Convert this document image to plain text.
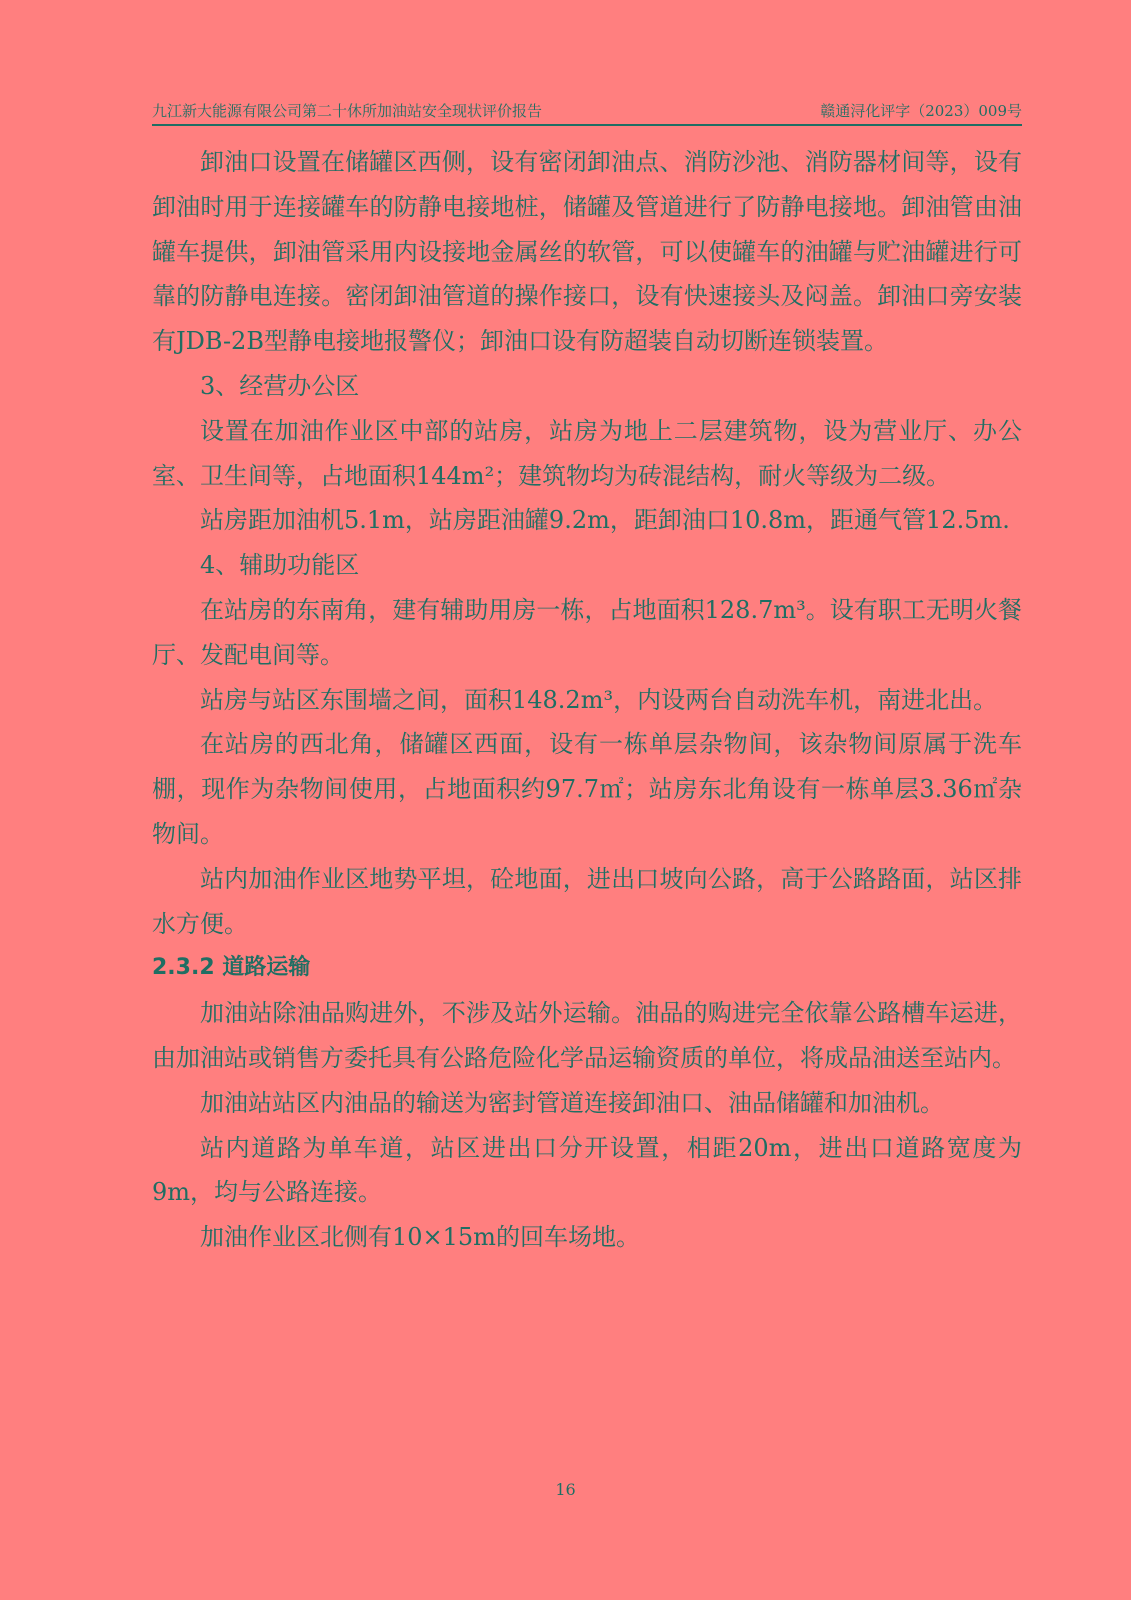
九江新大能源有限公司第二十休所加油站安全现状评价报告	赣通浔化评字（2023）009号

卸油口设置在储罐区西侧，设有密闭卸油点、消防沙池、消防器材间等，设有卸油时用于连接罐车的防静电接地桩，储罐及管道进行了防静电接地。卸油管由油罐车提供，卸油管采用内设接地金属丝的软管，可以使罐车的油罐与贮油罐进行可靠的防静电连接。密闭卸油管道的操作接口，设有快速接头及闷盖。卸油口旁安装有JDB-2B型静电接地报警仪；卸油口设有防超装自动切断连锁装置。

3、经营办公区

设置在加油作业区中部的站房，站房为地上二层建筑物，设为营业厅、办公室、卫生间等，占地面积144m²；建筑物均为砖混结构，耐火等级为二级。

站房距加油机5.1m，站房距油罐9.2m，距卸油口10.8m，距通气管12.5m.

4、辅助功能区

在站房的东南角，建有辅助用房一栋，占地面积128.7m³。设有职工无明火餐厅、发配电间等。

站房与站区东围墙之间，面积148.2m³，内设两台自动洗车机，南进北出。

在站房的西北角，储罐区西面，设有一栋单层杂物间，该杂物间原属于洗车棚，现作为杂物间使用，占地面积约97.7㎡；站房东北角设有一栋单层3.36㎡杂物间。

站内加油作业区地势平坦，砼地面，进出口坡向公路，高于公路路面，站区排水方便。

2.3.2 道路运输

加油站除油品购进外，不涉及站外运输。油品的购进完全依靠公路槽车运进，由加油站或销售方委托具有公路危险化学品运输资质的单位，将成品油送至站内。

加油站站区内油品的输送为密封管道连接卸油口、油品储罐和加油机。

站内道路为单车道，站区进出口分开设置，相距20m，进出口道路宽度为9m，均与公路连接。

加油作业区北侧有10×15m的回车场地。

16
